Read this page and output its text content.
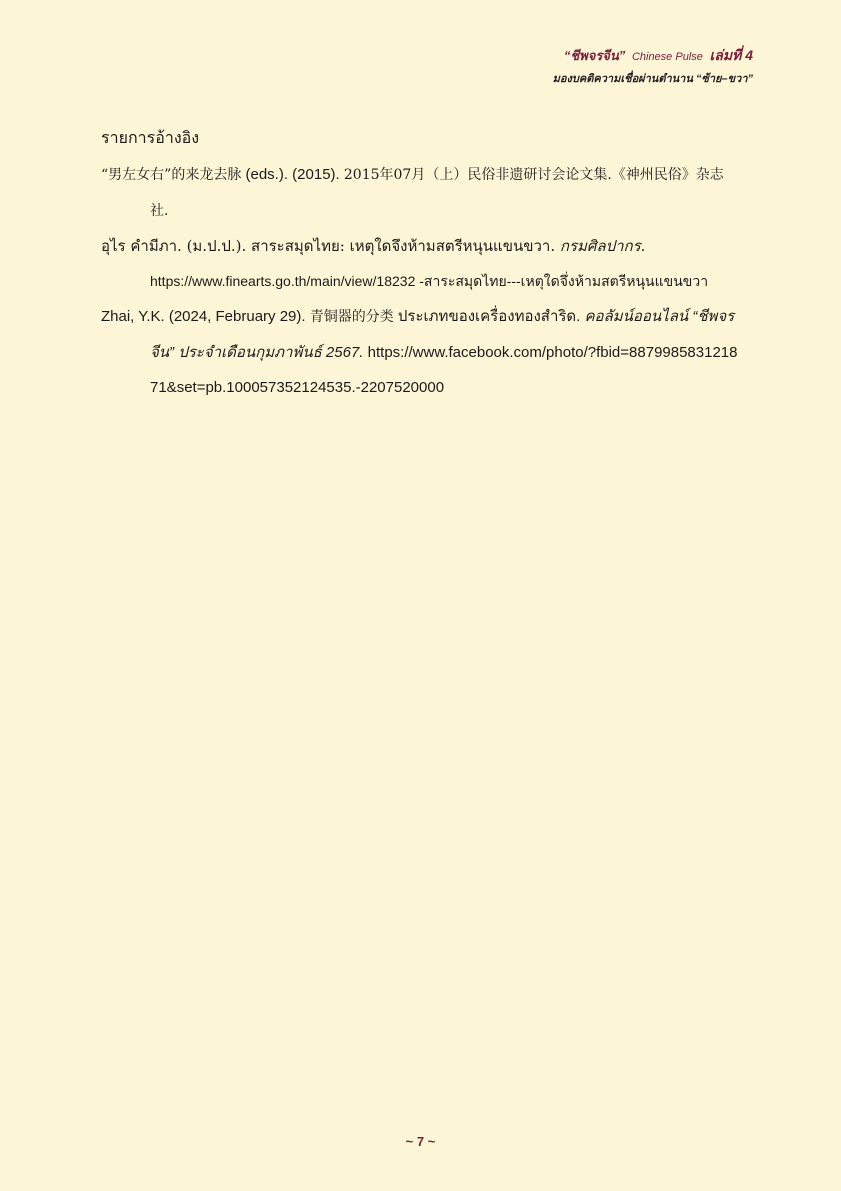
“ชีพจรจีน” Chinese Pulse เล่มที่ 4
มองบคติความเชื่อผ่านตำนาน “ซ้าย–ขวา”
รายการอ้างอิง

“男左女右”的来龙去脉 (eds.). (2015). 2015年07月（上）民俗非遗研讨会论文集.《神州民俗》杂志社.

อุไร คำมีภา. (ม.ป.ป.). สาระสมุดไทย: เหตุใดจึงห้ามสตรีหนุนแขนขวา. กรมศิลปากร.
https://www.finearts.go.th/main/view/18232 -สาระสมุดไทย---เหตุใดจึ่งห้ามสตรีหนุนแขนขวา

Zhai, Y.K. (2024, February 29). 青铜器的分类 ประเภทของเครื่องทองสำริด. คอลัมน์ออนไลน์ “ชีพจรจีน” ประจำเดือนกุมภาพันธ์ 2567. https://www.facebook.com/photo/?fbid=887998583121871&set=pb.100057352124535.-2207520000

~ 7 ~
